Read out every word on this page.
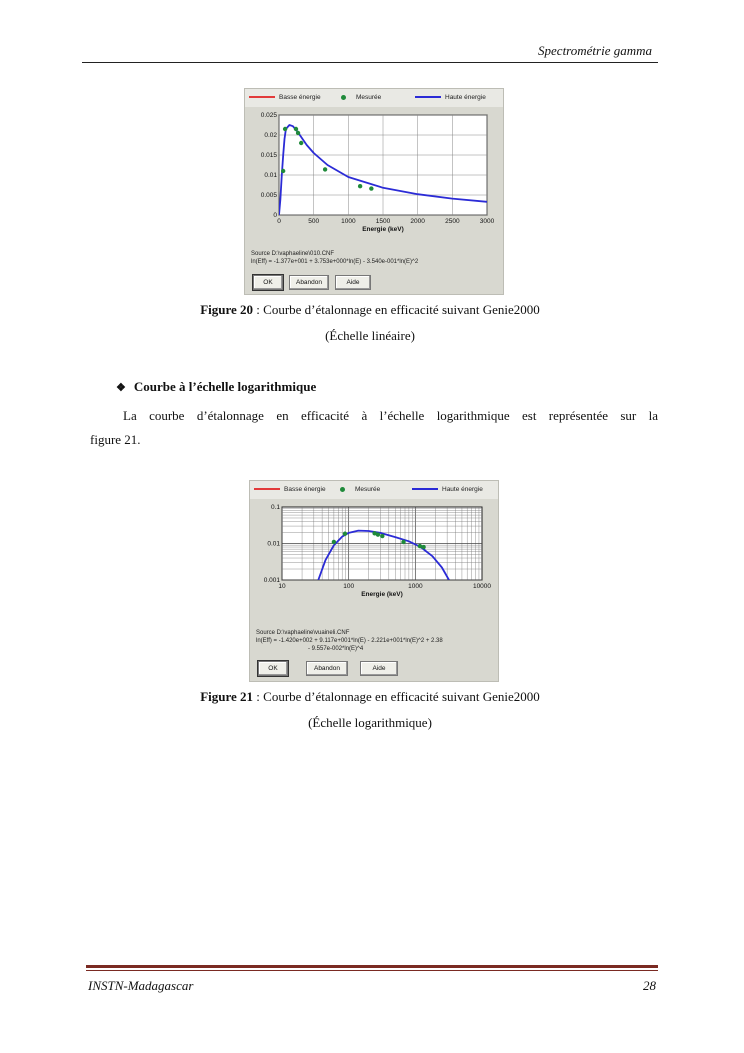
Spectrométrie gamma
Basse énergie	Mesurée	Haute énergie
0	500	1000	1500	2000	2500	3000
0
0.005
0.01
0.015
0.02
0.025
Energie (keV)
Source D:\vaphaeline\010.CNF
ln(Eff) = -1.377e+001 + 3.753e+000*ln(E) - 3.540e-001*ln(E)^2
OK	Abandon	Aide
Figure 20 : Courbe d’étalonnage en efficacité suivant Genie2000
(Échelle linéaire)
❖ Courbe à l’échelle logarithmique
La courbe d’étalonnage en efficacité à l’échelle logarithmique est représentée sur la
figure 21.
Basse énergie	Mesurée	Haute énergie
10	100	1000	10000
0.001
0.01
0.1
Energie (keV)
Source D:\vaphaeline\vuaineli.CNF
ln(Eff) = -1.420e+002 + 9.117e+001*ln(E) - 2.221e+001*ln(E)^2 + 2.38
- 9.557e-002*ln(E)^4
OK	Abandon	Aide
Figure 21 : Courbe d’étalonnage en efficacité suivant Genie2000
(Échelle logarithmique)
INSTN-Madagascar	28
